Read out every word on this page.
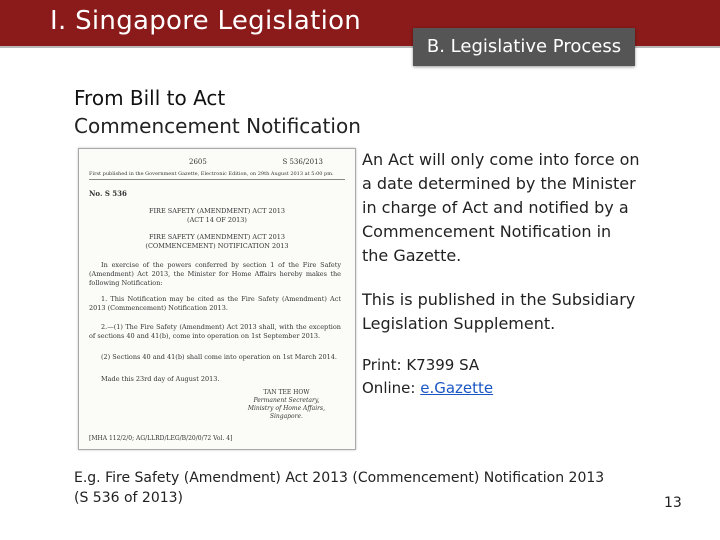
I. Singapore Legislation
B. Legislative Process
From Bill to Act
Commencement Notification
2605	S 536/2013
First published in the Government Gazette, Electronic Edition, on 29th August 2013 at 5:00 pm.
No. S 536
FIRE SAFETY (AMENDMENT) ACT 2013
(ACT 14 OF 2013)
FIRE SAFETY (AMENDMENT) ACT 2013
(COMMENCEMENT) NOTIFICATION 2013
In exercise of the powers conferred by section 1 of the Fire Safety (Amendment) Act 2013, the Minister for Home Affairs hereby makes the following Notification:
1. This Notification may be cited as the Fire Safety (Amendment) Act 2013 (Commencement) Notification 2013.
2.—(1) The Fire Safety (Amendment) Act 2013 shall, with the exception of sections 40 and 41(b), come into operation on 1st September 2013.
(2) Sections 40 and 41(b) shall come into operation on 1st March 2014.
Made this 23rd day of August 2013.
TAN TEE HOW
Permanent Secretary,
Ministry of Home Affairs,
Singapore.
[MHA 112/2/0; AG/LLRD/LEG/B/20/0/72 Vol. 4]
An Act will only come into force on a date determined by the Minister in charge of Act and notified by a Commencement Notification in the Gazette.
This is published in the Subsidiary Legislation Supplement.
Print: K7399 SA
Online: e.Gazette
E.g. Fire Safety (Amendment) Act 2013 (Commencement) Notification 2013
(S 536 of 2013)	13
